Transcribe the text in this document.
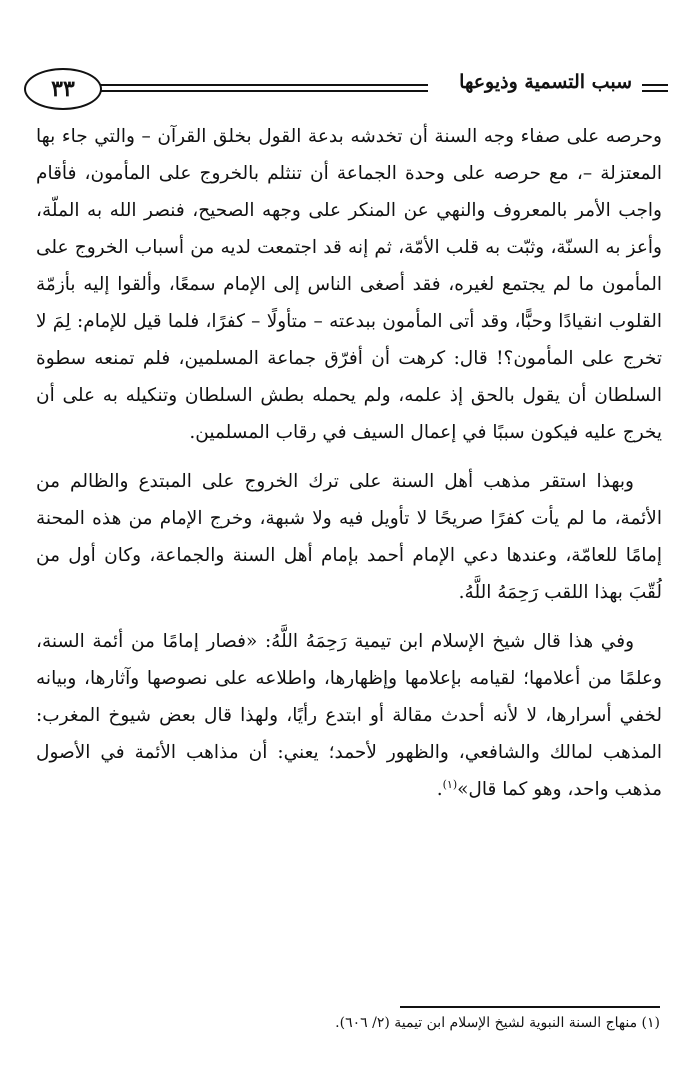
٣٣	سبب التسمية وذيوعها

وحرصه على صفاء وجه السنة أن تخدشه بدعة القول بخلق القرآن – والتي جاء بها المعتزلة –، مع حرصه على وحدة الجماعة أن تنثلم بالخروج على المأمون، فأقام واجب الأمر بالمعروف والنهي عن المنكر على وجهه الصحيح، فنصر الله به الملّة، وأعز به السنّة، وثبّت به قلب الأمّة، ثم إنه قد اجتمعت لديه من أسباب الخروج على المأمون ما لم يجتمع لغيره، فقد أصغى الناس إلى الإمام سمعًا، وألقوا إليه بأزمّة القلوب انقيادًا وحبًّا، وقد أتى المأمون ببدعته – متأولًا – كفرًا، فلما قيل للإمام: لِمَ لا تخرج على المأمون؟! قال: كرهت أن أفرّق جماعة المسلمين، فلم تمنعه سطوة السلطان أن يقول بالحق إذ علمه، ولم يحمله بطش السلطان وتنكيله به على أن يخرج عليه فيكون سببًا في إعمال السيف في رقاب المسلمين.

وبهذا استقر مذهب أهل السنة على ترك الخروج على المبتدع والظالم من الأئمة، ما لم يأت كفرًا صريحًا لا تأويل فيه ولا شبهة، وخرج الإمام من هذه المحنة إمامًا للعامّة، وعندها دعي الإمام أحمد بإمام أهل السنة والجماعة، وكان أول من لُقّبَ بهذا اللقب رَحِمَهُ اللَّهُ.

وفي هذا قال شيخ الإسلام ابن تيمية رَحِمَهُ اللَّهُ: «فصار إمامًا من أئمة السنة، وعلمًا من أعلامها؛ لقيامه بإعلامها وإظهارها، واطلاعه على نصوصها وآثارها، وبيانه لخفي أسرارها، لا لأنه أحدث مقالة أو ابتدع رأيًا، ولهذا قال بعض شيوخ المغرب: المذهب لمالك والشافعي، والظهور لأحمد؛ يعني: أن مذاهب الأئمة في الأصول مذهب واحد، وهو كما قال»$^{(١)}$.

(١) منهاج السنة النبوية لشيخ الإسلام ابن تيمية (٢/ ٦٠٦).
